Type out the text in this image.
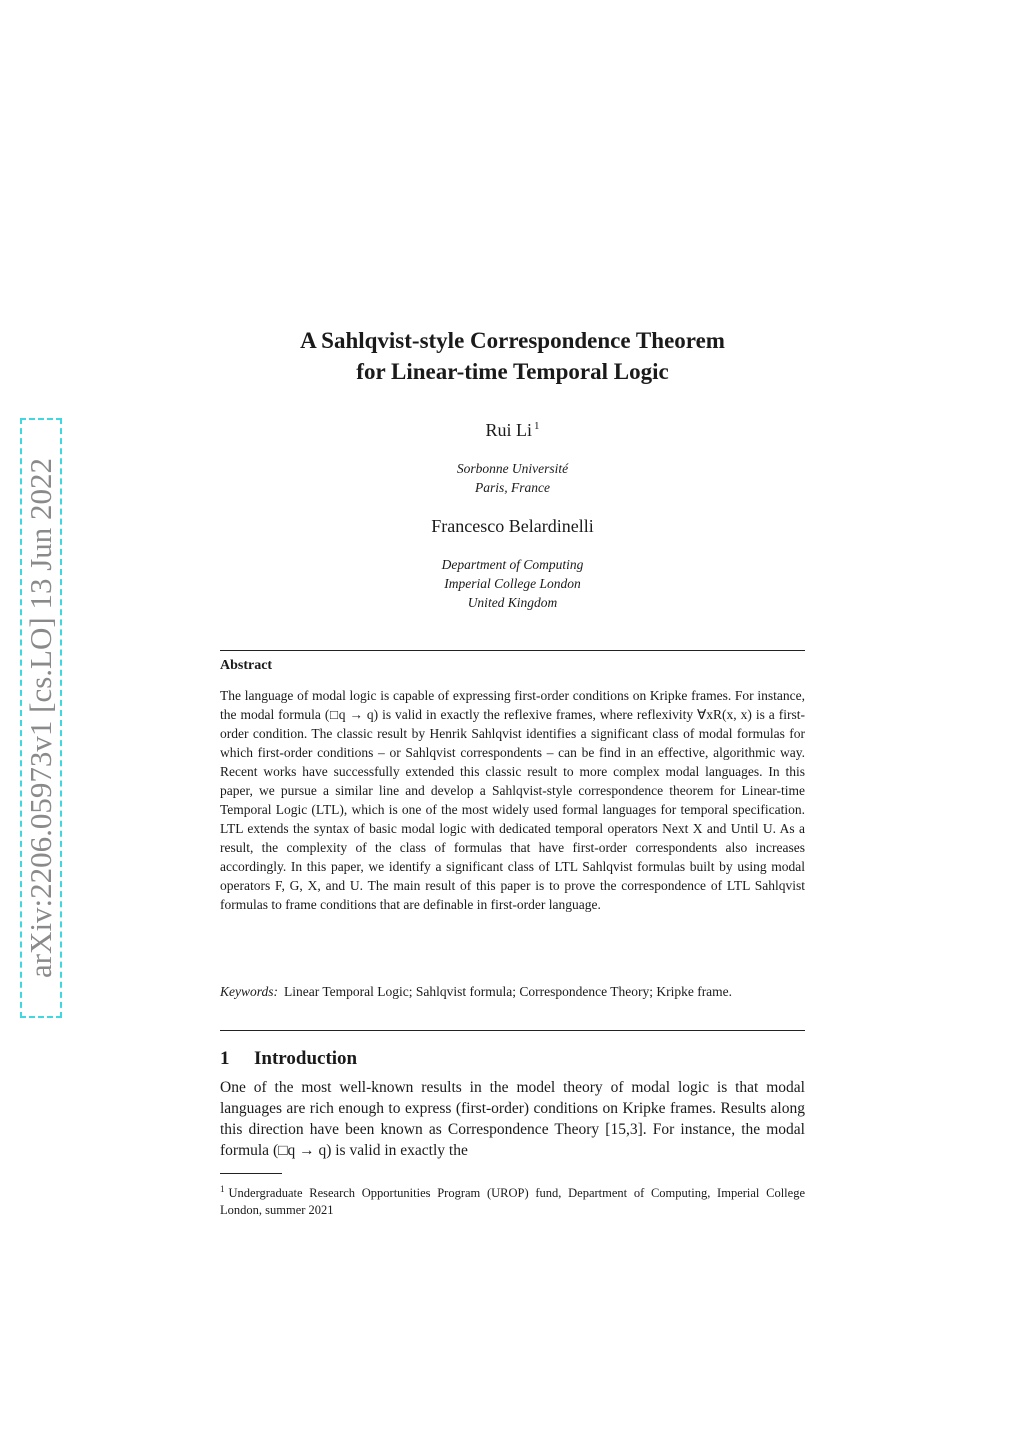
arXiv:2206.05973v1 [cs.LO] 13 Jun 2022
A Sahlqvist-style Correspondence Theorem
for Linear-time Temporal Logic
Rui Li $^1$
Sorbonne Université
Paris, France
Francesco Belardinelli
Department of Computing
Imperial College London
United Kingdom
Abstract
The language of modal logic is capable of expressing first-order conditions on Kripke frames. For instance, the modal formula (□q → q) is valid in exactly the reflexive frames, where reflexivity ∀xR(x, x) is a first-order condition. The classic result by Henrik Sahlqvist identifies a significant class of modal formulas for which first-order conditions – or Sahlqvist correspondents – can be find in an effective, algorithmic way. Recent works have successfully extended this classic result to more complex modal languages. In this paper, we pursue a similar line and develop a Sahlqvist-style correspondence theorem for Linear-time Temporal Logic (LTL), which is one of the most widely used formal languages for temporal specification. LTL extends the syntax of basic modal logic with dedicated temporal operators Next X and Until U. As a result, the complexity of the class of formulas that have first-order correspondents also increases accordingly. In this paper, we identify a significant class of LTL Sahlqvist formulas built by using modal operators F, G, X, and U. The main result of this paper is to prove the correspondence of LTL Sahlqvist formulas to frame conditions that are definable in first-order language.
Keywords: Linear Temporal Logic; Sahlqvist formula; Correspondence Theory; Kripke frame.
1 Introduction
One of the most well-known results in the model theory of modal logic is that modal languages are rich enough to express (first-order) conditions on Kripke frames. Results along this direction have been known as Correspondence Theory [15,3]. For instance, the modal formula (□q → q) is valid in exactly the
$^1$ Undergraduate Research Opportunities Program (UROP) fund, Department of Computing, Imperial College London, summer 2021
